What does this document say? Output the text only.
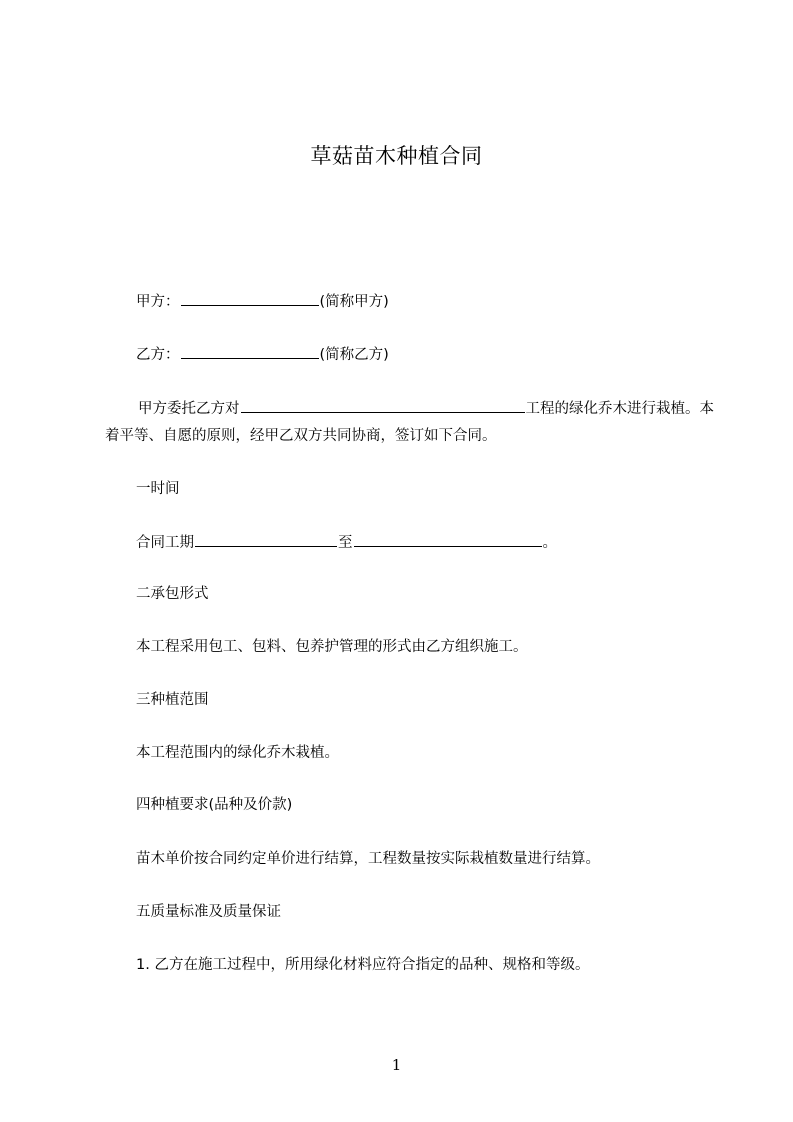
草菇苗木种植合同
甲方：	(简称甲方)
乙方：	(简称乙方)
甲方委托乙方对	工程的绿化乔木进行栽植。本着平等、自愿的原则，经甲乙双方共同协商，签订如下合同。
一时间
合同工期	至	。
二承包形式
本工程采用包工、包料、包养护管理的形式由乙方组织施工。
三种植范围
本工程范围内的绿化乔木栽植。
四种植要求(品种及价款)
苗木单价按合同约定单价进行结算，工程数量按实际栽植数量进行结算。
五质量标准及质量保证
1. 乙方在施工过程中，所用绿化材料应符合指定的品种、规格和等级。
1
